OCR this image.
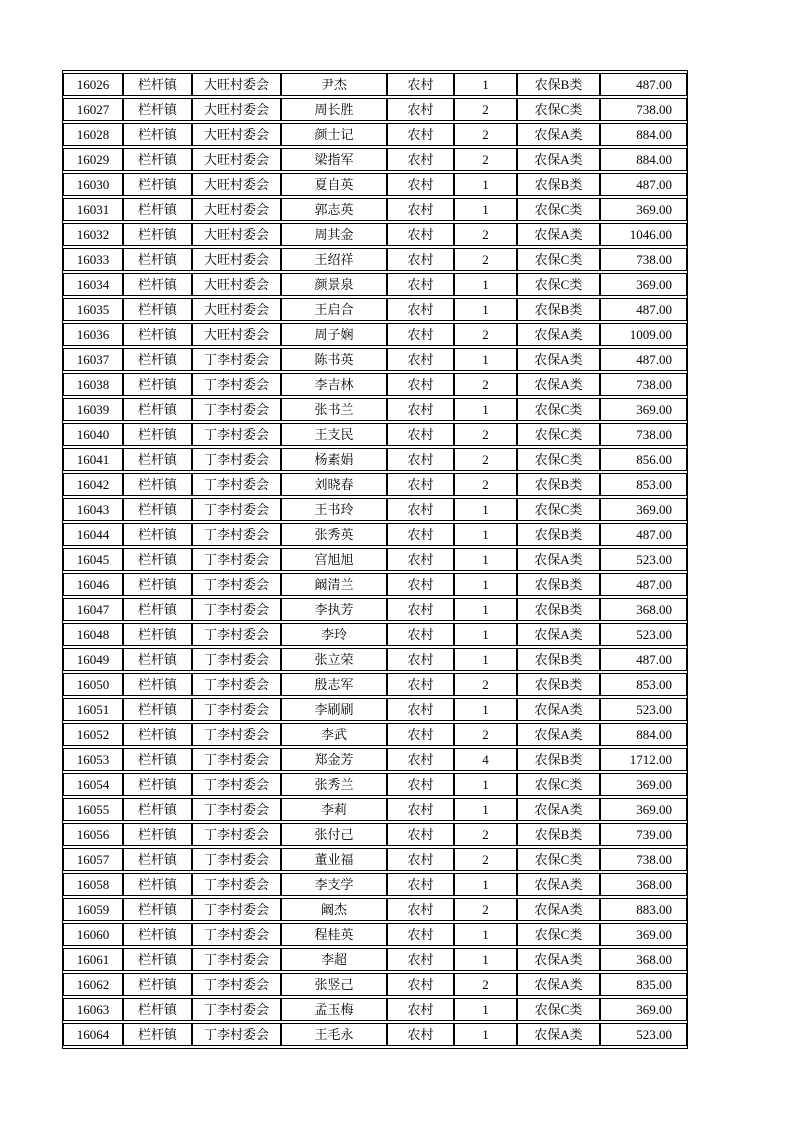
16026	栏杆镇	大旺村委会	尹杰	农村	1	农保B类	487.00
16027	栏杆镇	大旺村委会	周长胜	农村	2	农保C类	738.00
16028	栏杆镇	大旺村委会	颜士记	农村	2	农保A类	884.00
16029	栏杆镇	大旺村委会	梁指军	农村	2	农保A类	884.00
16030	栏杆镇	大旺村委会	夏自英	农村	1	农保B类	487.00
16031	栏杆镇	大旺村委会	郭志英	农村	1	农保C类	369.00
16032	栏杆镇	大旺村委会	周其金	农村	2	农保A类	1046.00
16033	栏杆镇	大旺村委会	王绍祥	农村	2	农保C类	738.00
16034	栏杆镇	大旺村委会	颜景泉	农村	1	农保C类	369.00
16035	栏杆镇	大旺村委会	王启合	农村	1	农保B类	487.00
16036	栏杆镇	大旺村委会	周子娴	农村	2	农保A类	1009.00
16037	栏杆镇	丁李村委会	陈书英	农村	1	农保A类	487.00
16038	栏杆镇	丁李村委会	李吉林	农村	2	农保A类	738.00
16039	栏杆镇	丁李村委会	张书兰	农村	1	农保C类	369.00
16040	栏杆镇	丁李村委会	王支民	农村	2	农保C类	738.00
16041	栏杆镇	丁李村委会	杨素娟	农村	2	农保C类	856.00
16042	栏杆镇	丁李村委会	刘晓春	农村	2	农保B类	853.00
16043	栏杆镇	丁李村委会	王书玲	农村	1	农保C类	369.00
16044	栏杆镇	丁李村委会	张秀英	农村	1	农保B类	487.00
16045	栏杆镇	丁李村委会	宫旭旭	农村	1	农保A类	523.00
16046	栏杆镇	丁李村委会	阚清兰	农村	1	农保B类	487.00
16047	栏杆镇	丁李村委会	李执芳	农村	1	农保B类	368.00
16048	栏杆镇	丁李村委会	李玲	农村	1	农保A类	523.00
16049	栏杆镇	丁李村委会	张立荣	农村	1	农保B类	487.00
16050	栏杆镇	丁李村委会	殷志军	农村	2	农保B类	853.00
16051	栏杆镇	丁李村委会	李刷刷	农村	1	农保A类	523.00
16052	栏杆镇	丁李村委会	李武	农村	2	农保A类	884.00
16053	栏杆镇	丁李村委会	郑金芳	农村	4	农保B类	1712.00
16054	栏杆镇	丁李村委会	张秀兰	农村	1	农保C类	369.00
16055	栏杆镇	丁李村委会	李莉	农村	1	农保A类	369.00
16056	栏杆镇	丁李村委会	张付己	农村	2	农保B类	739.00
16057	栏杆镇	丁李村委会	董业福	农村	2	农保C类	738.00
16058	栏杆镇	丁李村委会	李支学	农村	1	农保A类	368.00
16059	栏杆镇	丁李村委会	阚杰	农村	2	农保A类	883.00
16060	栏杆镇	丁李村委会	程桂英	农村	1	农保C类	369.00
16061	栏杆镇	丁李村委会	李超	农村	1	农保A类	368.00
16062	栏杆镇	丁李村委会	张竖己	农村	2	农保A类	835.00
16063	栏杆镇	丁李村委会	孟玉梅	农村	1	农保C类	369.00
16064	栏杆镇	丁李村委会	王毛永	农村	1	农保A类	523.00
